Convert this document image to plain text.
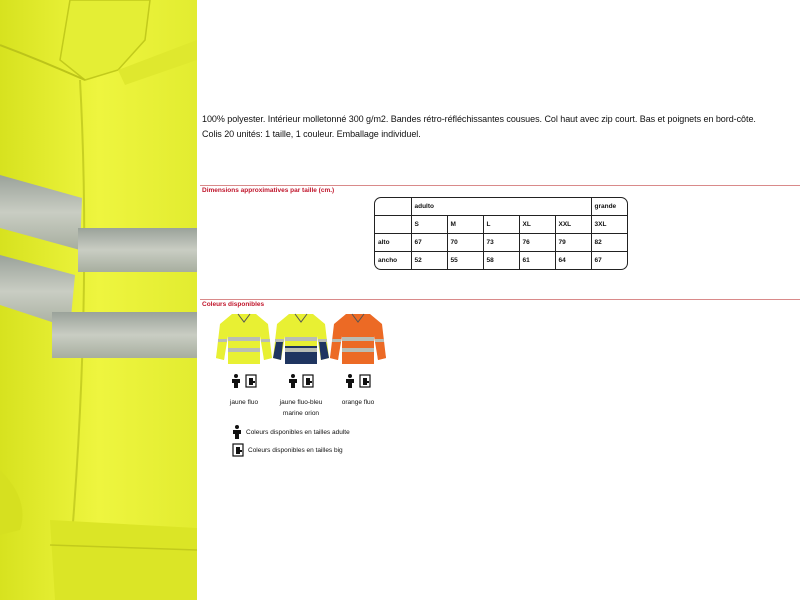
100% polyester. Intérieur molletonné 300 g/m2. Bandes rétro-réfléchissantes cousues. Col haut avec zip court. Bas et poignets en bord-côte.

Colis 20 unités: 1 taille, 1 couleur. Emballage individuel.

Dimensions approximatives par taille (cm.)
	adulto					grande
	S	M	L	XL	XXL	3XL
alto	67	70	73	76	79	82
ancho	52	55	58	61	64	67
Coleurs disponibles
jaune fluo	jaune fluo-bleu
marine orion
orange fluo
Coleurs disponibles en tailles adulte
Coleurs disponibles en tailles big
